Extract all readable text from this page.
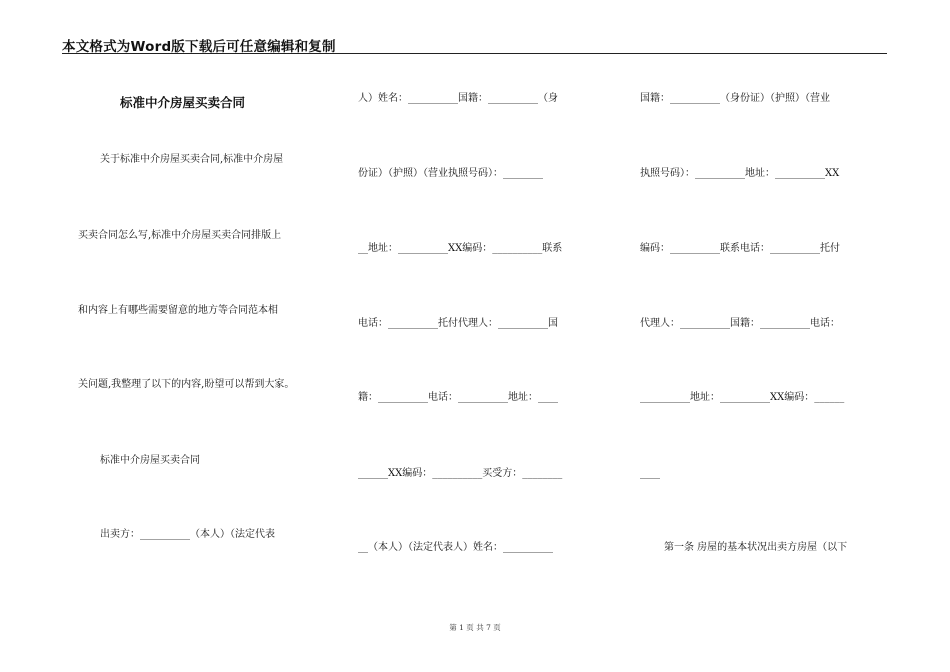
本文格式为Word版下载后可任意编辑和复制
标准中介房屋买卖合同
关于标准中介房屋买卖合同,标准中介房屋
买卖合同怎么写,标准中介房屋买卖合同排版上
和内容上有哪些需要留意的地方等合同范本相
关问题,我整理了以下的内容,盼望可以帮到大家。
标准中介房屋买卖合同
出卖方：__________（本人）（法定代表
人）姓名：__________国籍：__________（身
份证）（护照）（营业执照号码）：________
__地址：__________XX编码：__________联系
电话：__________托付代理人：__________国
籍：__________电话：__________地址：____
______XX编码：__________买受方：________
__（本人）（法定代表人）姓名：__________
国籍：__________（身份证）（护照）（营业
执照号码）：__________地址：__________XX
编码：__________联系电话：__________托付
代理人：__________国籍：__________电话：
__________地址：__________XX编码：______
____
第一条 房屋的基本状况出卖方房屋（以下
第 1 页 共 7 页
